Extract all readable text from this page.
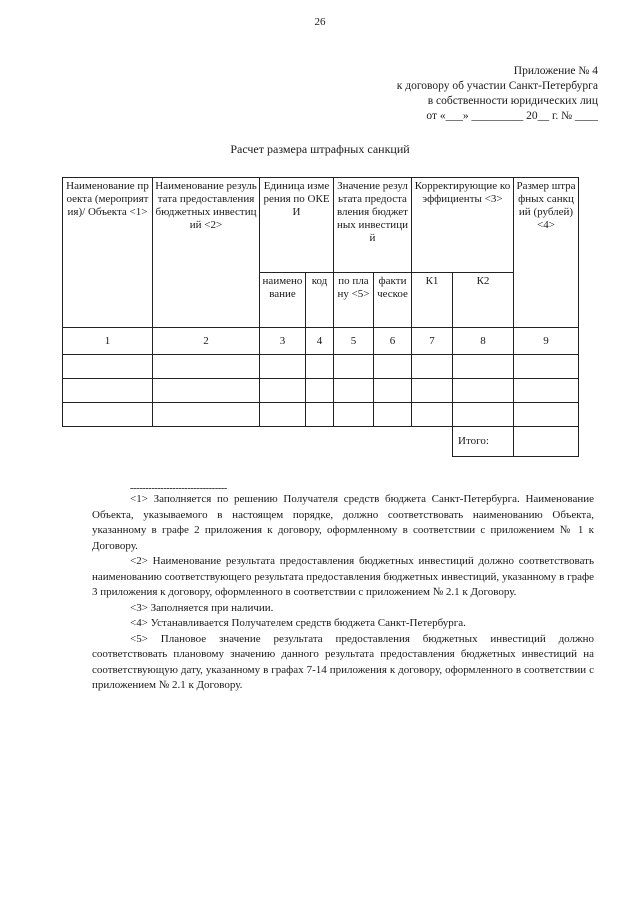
26
Приложение № 4
к договору об участии Санкт-Петербурга
в собственности юридических лиц
от «___» _________ 20__ г. № ____
Расчет размера штрафных санкций
Наименование проекта (мероприятия)/ Объекта <1>	Наименование результата предоставления бюджетных инвестиций <2>	Единица измерения по ОКЕИ		Значение результата предоставления бюджетных инвестиций		Корректирующие коэффициенты <3>		Размер штрафных санкций (рублей) <4>
		наименование	код	по плану <5>	фактическое	К1	К2	
1	2	3	4	5	6	7	8	9

							Итого:	
--------------------------------

<1> Заполняется по решению Получателя средств бюджета Санкт-Петербурга. Наименование Объекта, указываемого в настоящем порядке, должно соответствовать наименованию Объекта, указанному в графе 2 приложения к договору, оформленному в соответствии с приложением № 1 к Договору.

<2> Наименование результата предоставления бюджетных инвестиций должно соответствовать наименованию соответствующего результата предоставления бюджетных инвестиций, указанному в графе 3 приложения к договору, оформленного в соответствии с приложением № 2.1 к Договору.

<3> Заполняется при наличии.

<4> Устанавливается Получателем средств бюджета Санкт-Петербурга.

<5> Плановое значение результата предоставления бюджетных инвестиций должно соответствовать плановому значению данного результата предоставления бюджетных инвестиций на соответствующую дату, указанному в графах 7-14 приложения к договору, оформленного в соответствии с приложением № 2.1 к Договору.
